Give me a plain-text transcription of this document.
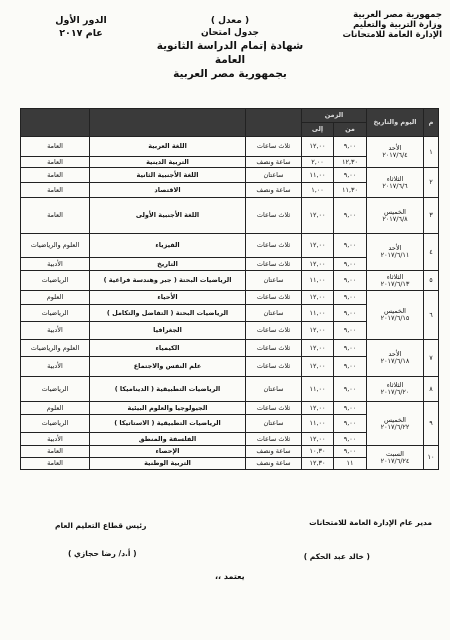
جمهورية مصر العربية
وزارة التربية والتعليم
الإدارة العامة للامتحانات
( معدل )
جدول امتحان
شهادة إتمام الدراسة الثانوية العامة
بجمهورية مصر العربية
الدور الأول
عام ٢٠١٧
م	اليوم والتاريخ	الزمن				
		من	إلى			
١	الأحد
٢٠١٧/٦/٤	٩,٠٠	١٢,٠٠	ثلاث ساعات	اللغة العربية	العامة
		١٢,٣٠	٢,٠٠	ساعة ونصف	التربية الدينية	العامة
٢	الثلاثاء
٢٠١٧/٦/٦	٩,٠٠	١١,٠٠	ساعتان	اللغة الأجنبية الثانية	العامة
		١١,٣٠	١,٠٠	ساعة ونصف	الاقتصاد	العامة
٣	الخميس
٢٠١٧/٦/٨	٩,٠٠	١٢,٠٠	ثلاث ساعات	اللغة الأجنبية الأولى	العامة
٤	الأحد
٢٠١٧/٦/١١	٩,٠٠	١٢,٠٠	ثلاث ساعات	الفيزياء	العلوم والرياضيات
		٩,٠٠	١٢,٠٠	ثلاث ساعات	التاريخ	الأدبية
٥	الثلاثاء
٢٠١٧/٦/١٣	٩,٠٠	١١,٠٠	ساعتان	الرياضيات البحتة ( جبر وهندسة فراغية )	الرياضيات
٦	الخميس
٢٠١٧/٦/١٥	٩,٠٠	١٢,٠٠	ثلاث ساعات	الأحياء	العلوم
		٩,٠٠	١١,٠٠	ساعتان	الرياضيات البحتة ( التفاضل والتكامل )	الرياضيات
		٩,٠٠	١٢,٠٠	ثلاث ساعات	الجغرافيا	الأدبية
٧	الأحد
٢٠١٧/٦/١٨	٩,٠٠	١٢,٠٠	ثلاث ساعات	الكيمياء	العلوم والرياضيات
		٩,٠٠	١٢,٠٠	ثلاث ساعات	علم النفس والاجتماع	الأدبية
٨	الثلاثاء
٢٠١٧/٦/٢٠	٩,٠٠	١١,٠٠	ساعتان	الرياضيات التطبيقية ( الديناميكا )	الرياضيات
٩	الخميس
٢٠١٧/٦/٢٢	٩,٠٠	١٢,٠٠	ثلاث ساعات	الجيولوجيا والعلوم البيئية	العلوم
		٩,٠٠	١١,٠٠	ساعتان	الرياضيات التطبيقية ( الاستاتيكا )	الرياضيات
		٩,٠٠	١٢,٠٠	ثلاث ساعات	الفلسفة والمنطق	الأدبية
١٠	السبت
٢٠١٧/٦/٢٤	٩,٠٠	١٠,٣٠	ساعة ونصف	الإحصاء	العامة
		١١	١٢,٣٠	ساعة ونصف	التربية الوطنية	العامة
مدير عام الإدارة العامة للامتحانات
رئيس قطاع التعليم العام
( خالد عبد الحكم )
( أ.د/ رضا حجازي )
يعتمد ،،
